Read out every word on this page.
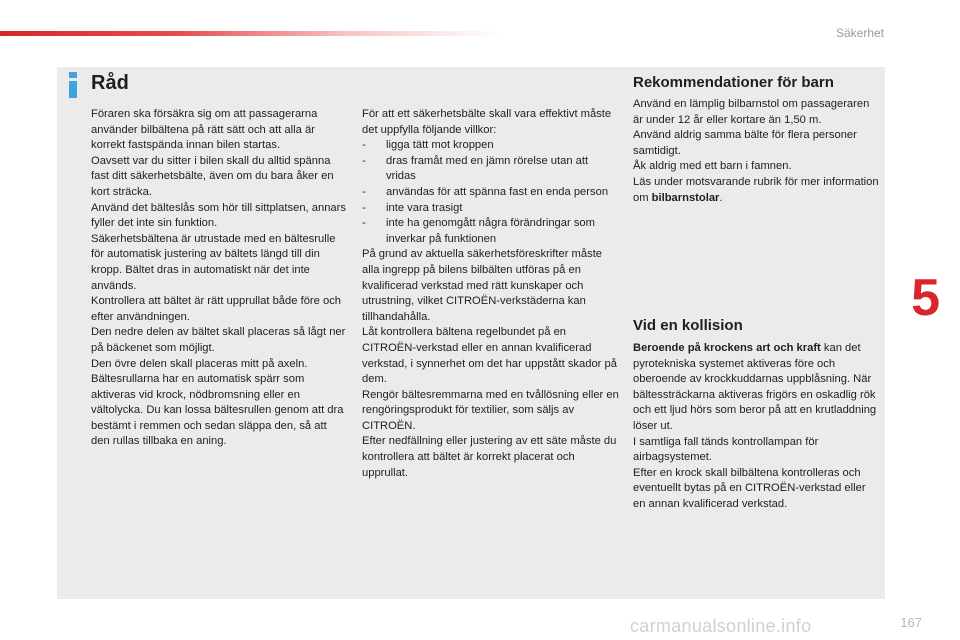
Säkerhet
5
Råd

Föraren ska försäkra sig om att passagerarna använder bilbältena på rätt sätt och att alla är korrekt fastspända innan bilen startas.

Oavsett var du sitter i bilen skall du alltid spänna fast ditt säkerhetsbälte, även om du bara åker en kort sträcka.

Använd det bälteslås som hör till sittplatsen, annars fyller det inte sin funktion.

Säkerhetsbältena är utrustade med en bältesrulle för automatisk justering av bältets längd till din kropp. Bältet dras in automatiskt när det inte används.

Kontrollera att bältet är rätt upprullat både före och efter användningen.

Den nedre delen av bältet skall placeras så lågt ner på bäckenet som möjligt.

Den övre delen skall placeras mitt på axeln.

Bältesrullarna har en automatisk spärr som aktiveras vid krock, nödbromsning eller en vältolycka. Du kan lossa bältesrullen genom att dra bestämt i remmen och sedan släppa den, så att den rullas tillbaka en aning.

För att ett säkerhetsbälte skall vara effektivt måste det uppfylla följande villkor:

- ligga tätt mot kroppen

- dras framåt med en jämn rörelse utan att vridas

- användas för att spänna fast en enda person

- inte vara trasigt

- inte ha genomgått några förändringar som inverkar på funktionen

På grund av aktuella säkerhetsföreskrifter måste alla ingrepp på bilens bilbälten utföras på en kvalificerad verkstad med rätt kunskaper och utrustning, vilket CITROËN-verkstäderna kan tillhandahålla.

Låt kontrollera bältena regelbundet på en CITROËN-verkstad eller en annan kvalificerad verkstad, i synnerhet om det har uppstått skador på dem.

Rengör bältesremmarna med en tvållösning eller en rengöringsprodukt för textilier, som säljs av CITROËN.

Efter nedfällning eller justering av ett säte måste du kontrollera att bältet är korrekt placerat och upprullat.

Rekommendationer för barn

Använd en lämplig bilbarnstol om passageraren är under 12 år eller kortare än 1,50 m.

Använd aldrig samma bälte för flera personer samtidigt.

Åk aldrig med ett barn i famnen.

Läs under motsvarande rubrik för mer information om bilbarnstolar.

Vid en kollision

Beroende på krockens art och kraft kan det pyrotekniska systemet aktiveras före och oberoende av krockkuddarnas uppblåsning. När bältessträckarna aktiveras frigörs en oskadlig rök och ett ljud hörs som beror på att en krutladdning löser ut.

I samtliga fall tänds kontrollampan för airbagsystemet.

Efter en krock skall bilbältena kontrolleras och eventuellt bytas på en CITROËN-verkstad eller en annan kvalificerad verkstad.

carmanualsonline.info	167
